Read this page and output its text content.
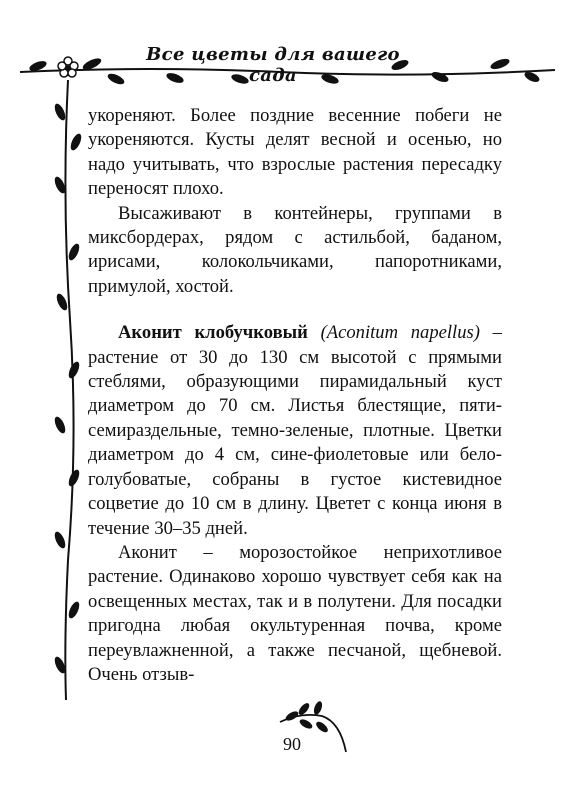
Все цветы для вашего сада

укореняют. Более поздние весенние побеги не укореняются. Кусты делят весной и осенью, но надо учитывать, что взрослые растения пересадку переносят плохо.

Высаживают в контейнеры, группами в миксбордерах, рядом с астильбой, баданом, ирисами, колокольчиками, папоротниками, примулой, хостой.

Аконит клобучковый (Aconitum napellus) – растение от 30 до 130 см высотой с прямыми стеблями, образующими пирамидальный куст диаметром до 70 см. Листья блестящие, пяти-семираздельные, темно-зеленые, плотные. Цветки диаметром до 4 см, сине-фиолетовые или бело-голубоватые, собраны в густое кистевидное соцветие до 10 см в длину. Цветет с конца июня в течение 30–35 дней.

Аконит – морозостойкое неприхотливое растение. Одинаково хорошо чувствует себя как на освещенных местах, так и в полутени. Для посадки пригодна любая окультуренная почва, кроме переувлажненной, а также песчаной, щебневой. Очень отзыв-

90
